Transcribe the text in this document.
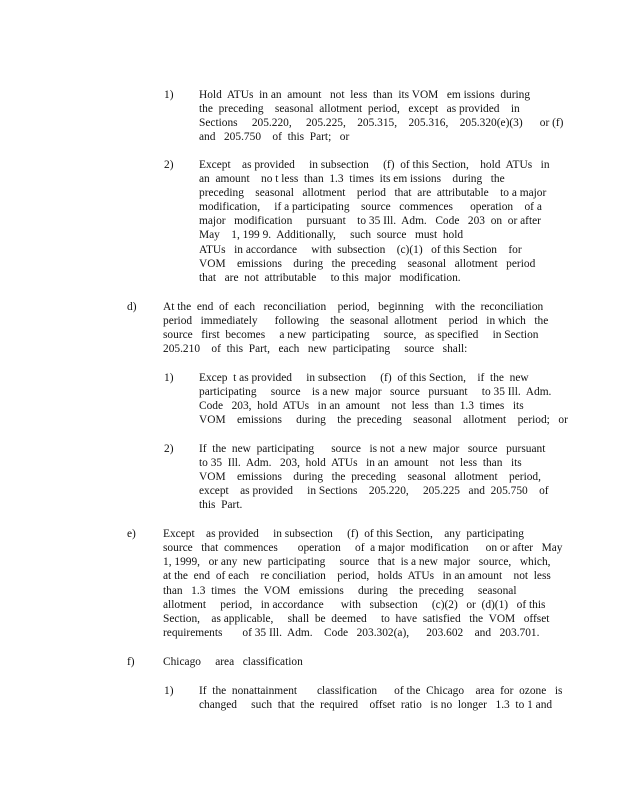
1) Hold  ATUs  in an  amount   not  less  than  its VOM   em issions  during
the  preceding    seasonal  allotment  period,   except   as provided    in
Sections     205.220,     205.225,    205.315,    205.316,    205.320(e)(3)      or (f)
and   205.750    of  this  Part;   or
2) Except    as provided     in subsection     (f)  of this Section,    hold  ATUs   in
an  amount    no t less  than  1.3  times  its em issions    during   the
preceding    seasonal   allotment    period   that  are  attributable    to a major
modification,     if a participating    source   commences      operation    of a
major   modification     pursuant    to 35 Ill.  Adm.   Code   203  on  or after
May    1, 199 9.  Additionally,     such  source   must  hold
ATUs   in accordance     with  subsection    (c)(1)   of this Section    for
VOM    emissions    during   the  preceding    seasonal   allotment   period
that   are  not  attributable     to this  major   modification.
d) At the  end  of  each   reconciliation    period,   beginning    with  the  reconciliation
period   immediately      following    the  seasonal  allotment    period   in which   the
source   first  becomes     a new  participating     source,   as specified     in Section
205.210    of  this  Part,   each   new  participating     source   shall:
1) Excep  t as provided     in subsection     (f)  of this Section,    if  the  new
participating     source    is a new  major   source   pursuant     to 35 Ill.  Adm.
Code   203,  hold  ATUs   in an  amount    not  less  than  1.3  times   its
VOM    emissions     during    the  preceding    seasonal    allotment    period;   or
2) If  the  new  participating      source   is not  a new  major   source   pursuant
to 35  Ill.  Adm.   203,  hold  ATUs   in an  amount    not  less  than   its
VOM    emissions    during   the  preceding    seasonal   allotment    period,
except    as provided     in Sections    205.220,     205.225   and  205.750    of
this  Part.
e) Except    as provided     in subsection     (f)  of this Section,    any  participating
source   that  commences       operation     of  a major  modification      on or after   May
1, 1999,   or any  new  participating     source   that  is a new  major   source,   which,
at the  end  of each    re conciliation    period,   holds  ATUs   in an amount    not  less
than   1.3  times   the  VOM   emissions     during    the  preceding     seasonal
allotment     period,   in accordance      with   subsection     (c)(2)   or  (d)(1)   of this
Section,    as applicable,     shall  be  deemed     to  have  satisfied   the  VOM   offset
requirements       of 35 Ill.  Adm.    Code   203.302(a),      203.602    and   203.701.
f) Chicago     area   classification
1) If  the  nonattainment       classification      of the  Chicago    area  for  ozone   is
changed     such  that  the  required    offset  ratio   is no  longer   1.3  to 1 and
